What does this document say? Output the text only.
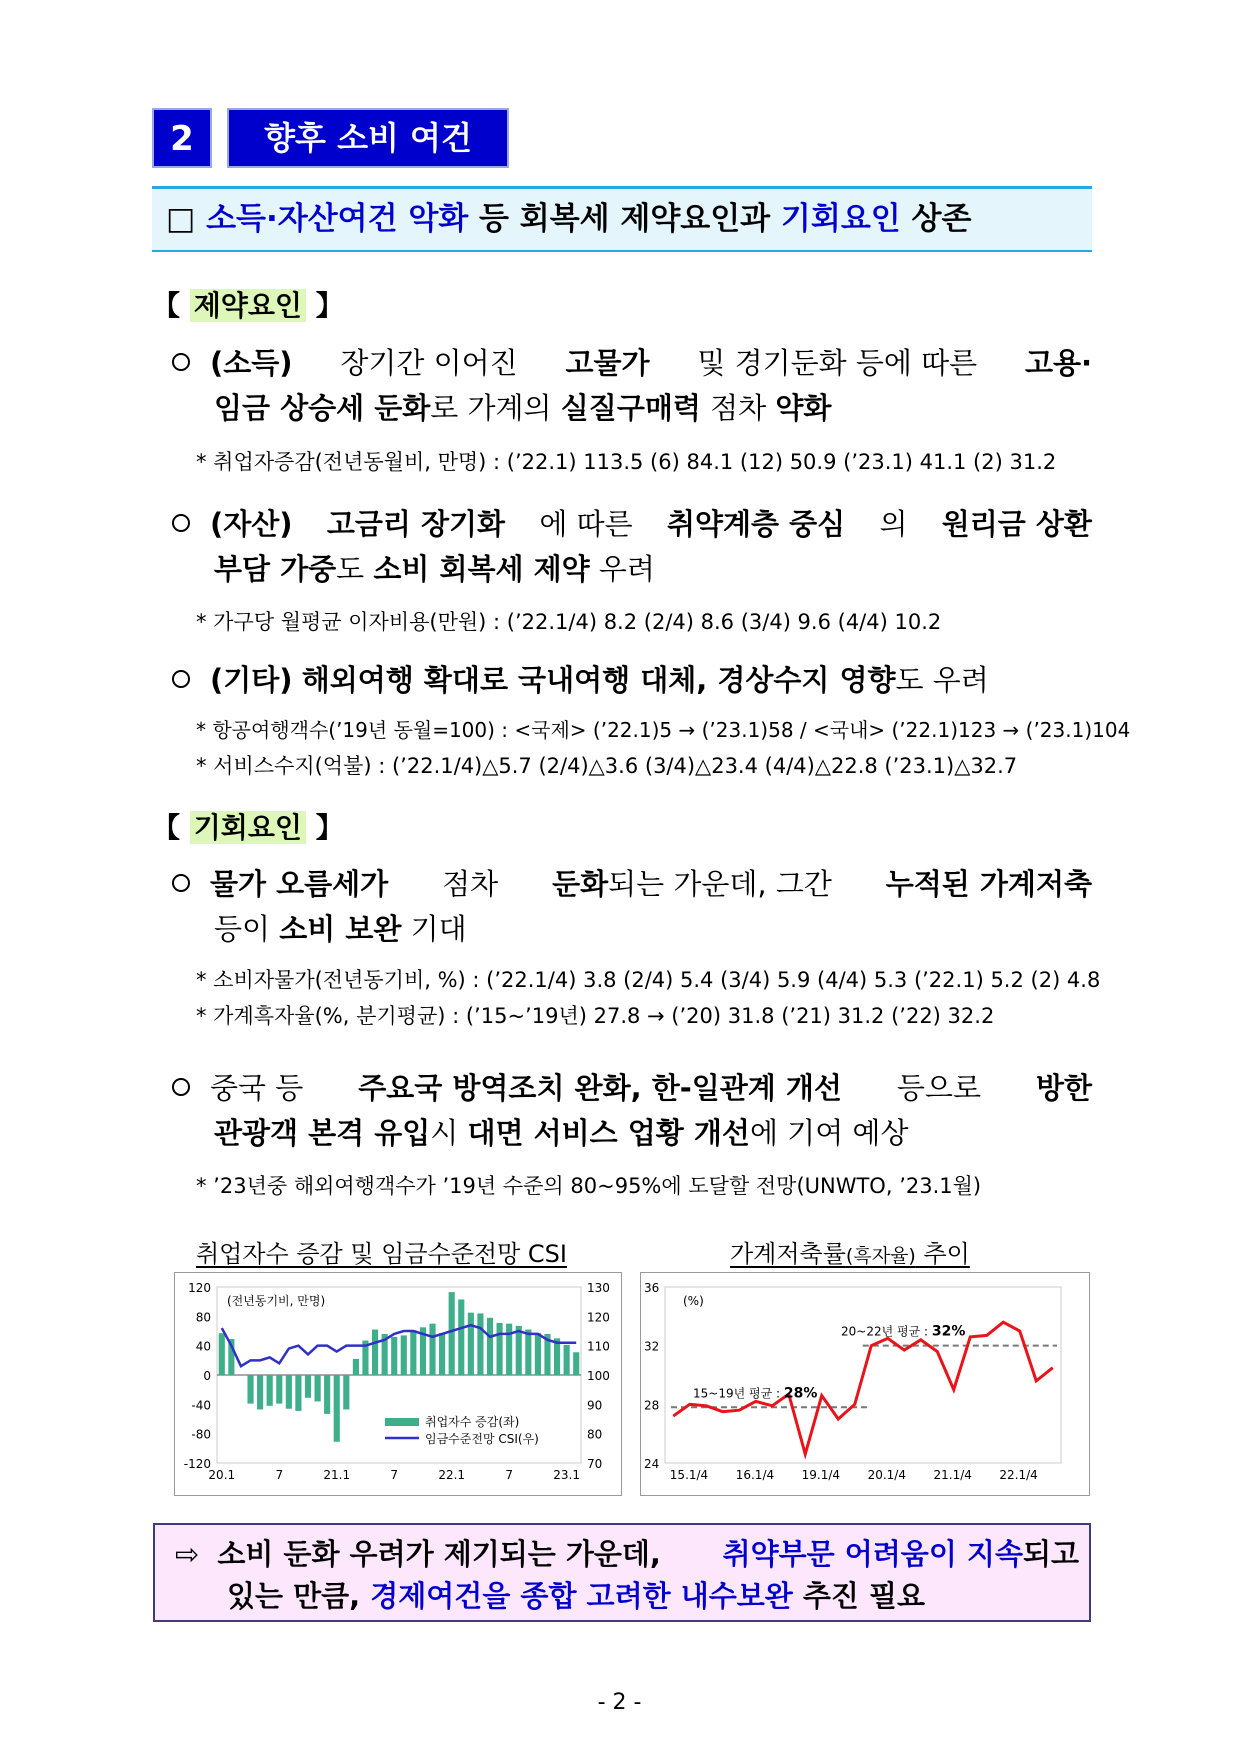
2	향후 소비 여건
□ 소득·자산여건 악화 등 회복세 제약요인과 기회요인 상존
【 제약요인 】
(소득) 장기간 이어진 고물가 및 경기둔화 등에 따른 고용·
임금 상승세 둔화로 가계의 실질구매력 점차 약화
* 취업자증감(전년동월비, 만명) : (’22.1) 113.5 (6) 84.1 (12) 50.9 (’23.1) 41.1 (2) 31.2
(자산) 고금리 장기화 에 따른 취약계층 중심 의 원리금 상환
부담 가중도 소비 회복세 제약 우려
* 가구당 월평균 이자비용(만원) : (’22.1/4) 8.2 (2/4) 8.6 (3/4) 9.6 (4/4) 10.2
(기타) 해외여행 확대로 국내여행 대체, 경상수지 영향도 우려
* 항공여행객수(’19년 동월=100) : <국제> (’22.1)5 → (’23.1)58 / <국내> (’22.1)123 → (’23.1)104
* 서비스수지(억불) : (’22.1/4)△5.7 (2/4)△3.6 (3/4)△23.4 (4/4)△22.8 (’23.1)△32.7
【 기회요인 】
물가 오름세가 점차 둔화되는 가운데, 그간 누적된 가계저축
등이 소비 보완 기대
* 소비자물가(전년동기비, %) : (’22.1/4) 3.8 (2/4) 5.4 (3/4) 5.9 (4/4) 5.3 (’22.1) 5.2 (2) 4.8
* 가계흑자율(%, 분기평균) : (’15~’19년) 27.8 → (’20) 31.8 (’21) 31.2 (’22) 32.2
중국 등 주요국 방역조치 완화, 한-일관계 개선 등으로 방한
관광객 본격 유입시 대면 서비스 업황 개선에 기여 예상
* ’23년중 해외여행객수가 ’19년 수준의 80~95%에 도달할 전망(UNWTO, ’23.1월)
취업자수 증감 및 임금수준전망 CSI	가계저축률(흑자율) 추이
120
80
40
0
-40
-80
-120
130
120
110
100
90
80
70
20.1	7	21.1	7	22.1	7	23.1
(전년동기비, 만명)
취업자수 증감(좌)
임금수준전망 CSI(우)
36
32
28
24
15~19년 평균 : 28%
20~22년 평균 : 32%
(%)
15.1/4 16.1/4 19.1/4 20.1/4 21.1/4 22.1/4
⇨ 소비 둔화 우려가 제기되는 가운데, 취약부문 어려움이 지속되고
있는 만큼, 경제여건을 종합 고려한 내수보완 추진 필요
- 2 -
